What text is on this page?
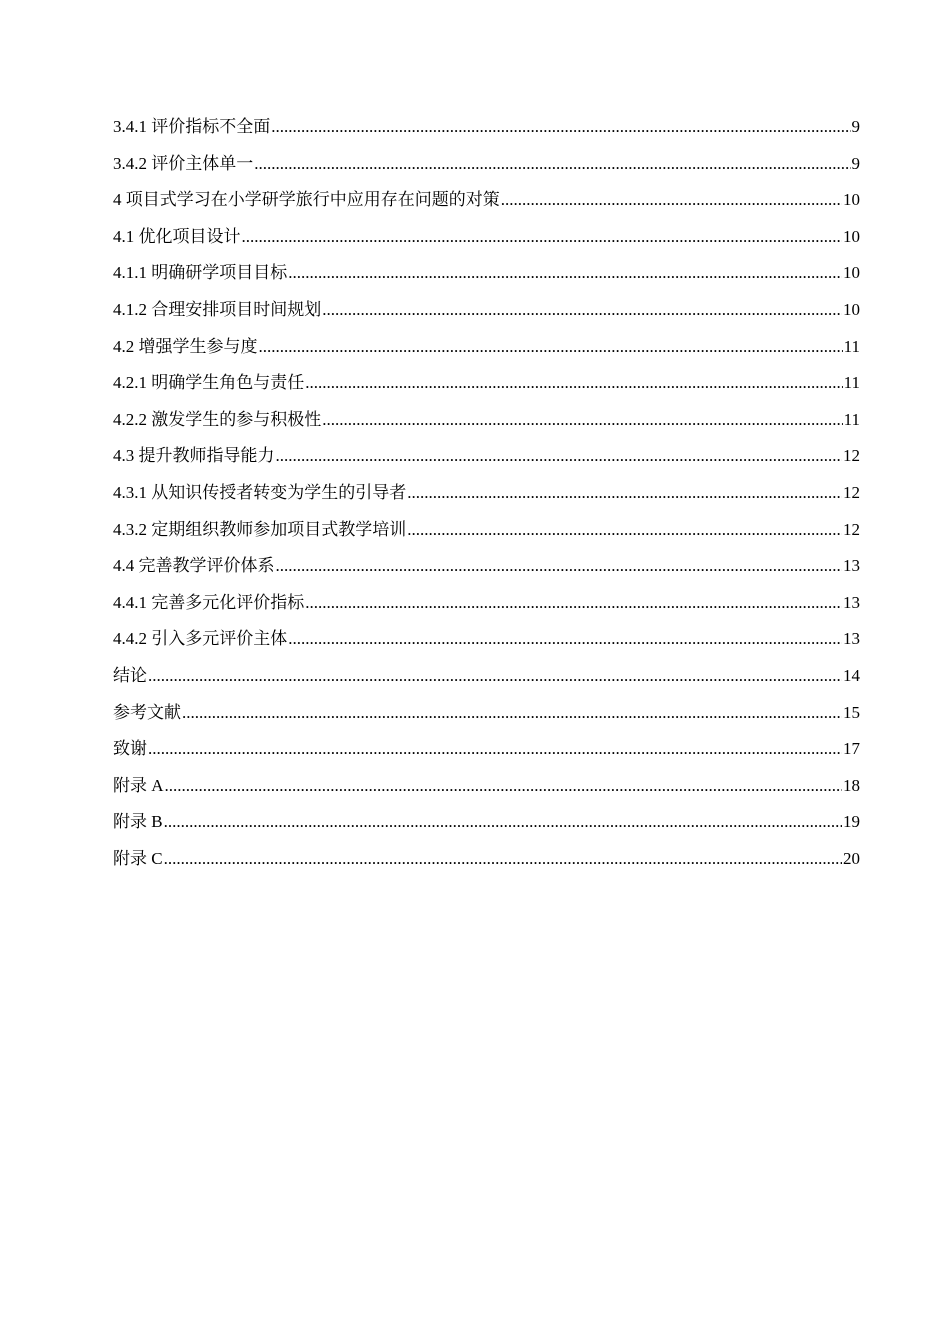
3.4.1 评价指标不全面 .....	9
3.4.2 评价主体单一 .....	9
4 项目式学习在小学研学旅行中应用存在问题的对策 .....	10
4.1 优化项目设计 .....	10
4.1.1 明确研学项目目标 .....	10
4.1.2 合理安排项目时间规划 .....	10
4.2 增强学生参与度 .....	11
4.2.1 明确学生角色与责任 .....	11
4.2.2 激发学生的参与积极性 .....	11
4.3 提升教师指导能力 .....	12
4.3.1 从知识传授者转变为学生的引导者 .....	12
4.3.2 定期组织教师参加项目式教学培训 .....	12
4.4 完善教学评价体系 .....	13
4.4.1 完善多元化评价指标 .....	13
4.4.2 引入多元评价主体 .....	13
结论 .....	14
参考文献 .....	15
致谢 .....	17
附录 A .....	18
附录 B .....	19
附录 C .....	20
